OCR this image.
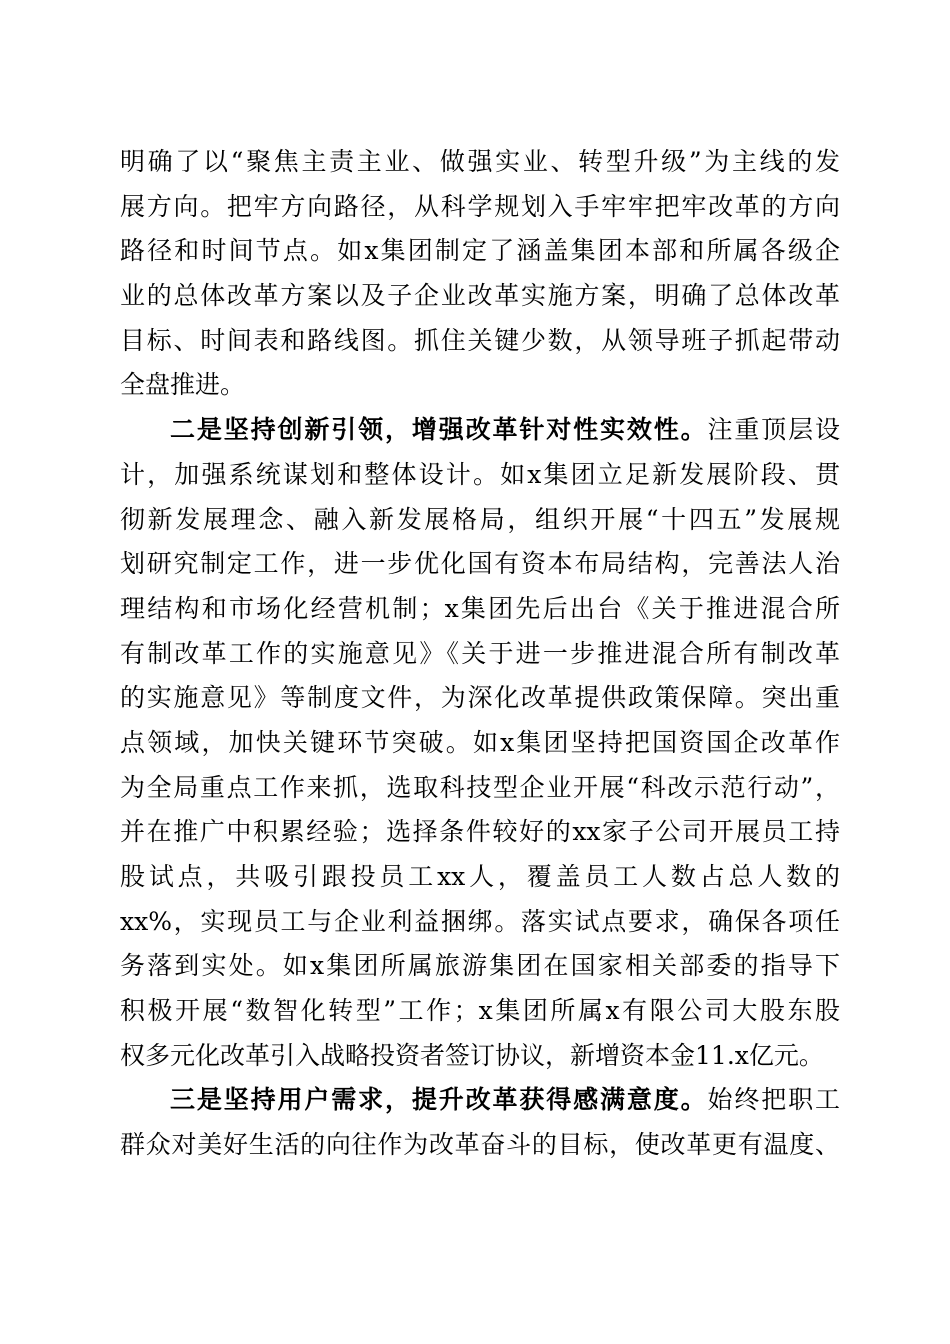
明确了以“聚焦主责主业、做强实业、转型升级”为主线的发
展方向。把牢方向路径，从科学规划入手牢牢把牢改革的方向
路径和时间节点。如x集团制定了涵盖集团本部和所属各级企
业的总体改革方案以及子企业改革实施方案，明确了总体改革
目标、时间表和路线图。抓住关键少数，从领导班子抓起带动
全盘推进。
二是坚持创新引领，增强改革针对性实效性。注重顶层设
计，加强系统谋划和整体设计。如x集团立足新发展阶段、贯
彻新发展理念、融入新发展格局，组织开展“十四五”发展规
划研究制定工作，进一步优化国有资本布局结构，完善法人治
理结构和市场化经营机制；x集团先后出台《关于推进混合所
有制改革工作的实施意见》《关于进一步推进混合所有制改革
的实施意见》等制度文件，为深化改革提供政策保障。突出重
点领域，加快关键环节突破。如x集团坚持把国资国企改革作
为全局重点工作来抓，选取科技型企业开展“科改示范行动”，
并在推广中积累经验；选择条件较好的xx家子公司开展员工持
股试点，共吸引跟投员工xx人，覆盖员工人数占总人数的
xx%，实现员工与企业利益捆绑。落实试点要求，确保各项任
务落到实处。如x集团所属旅游集团在国家相关部委的指导下
积极开展“数智化转型”工作；x集团所属x有限公司大股东股
权多元化改革引入战略投资者签订协议，新增资本金11.x亿元。
三是坚持用户需求，提升改革获得感满意度。始终把职工
群众对美好生活的向往作为改革奋斗的目标，使改革更有温度、
